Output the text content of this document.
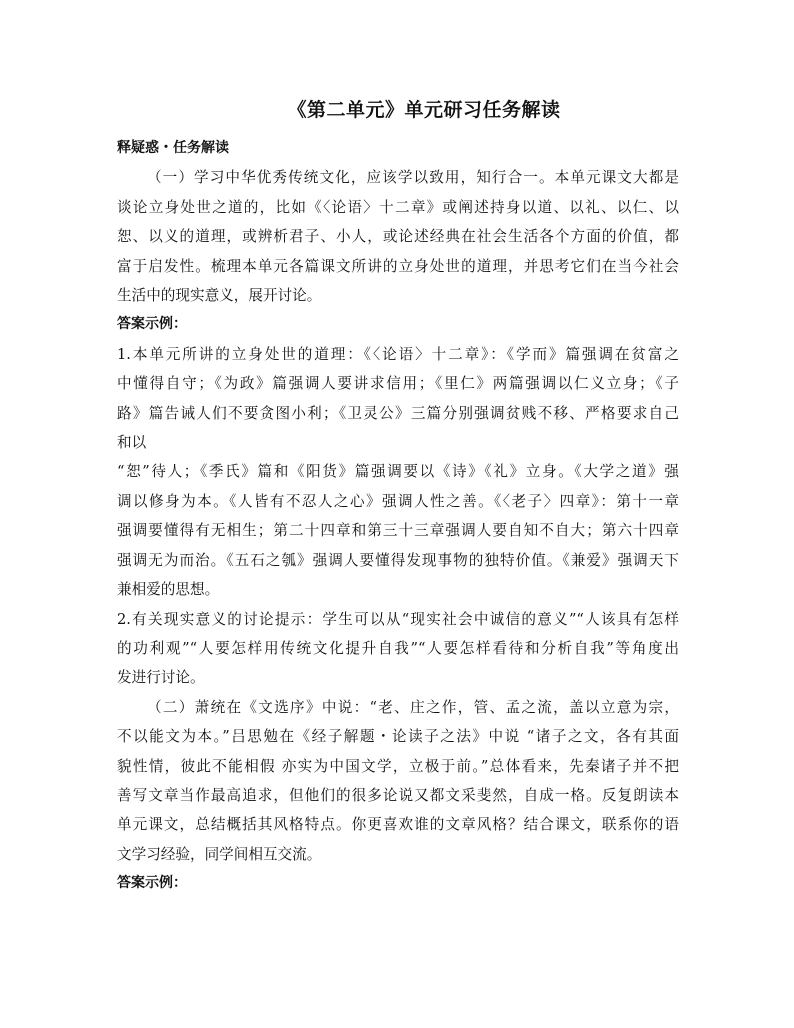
《第二单元》单元研习任务解读
释疑惑・任务解读
（一）学习中华优秀传统文化，应该学以致用，知行合一。本单元课文大都是
谈论立身处世之道的，比如《〈论语〉十二章》或阐述持身以道、以礼、以仁、以
恕、以义的道理，或辨析君子、小人，或论述经典在社会生活各个方面的价值，都
富于启发性。梳理本单元各篇课文所讲的立身处世的道理，并思考它们在当今社会
生活中的现实意义，展开讨论。
答案示例：
1.本单元所讲的立身处世的道理：《〈论语〉十二章》：《学而》篇强调在贫富之
中懂得自守；《为政》篇强调人要讲求信用；《里仁》两篇强调以仁义立身；《子
路》篇告诫人们不要贪图小利；《卫灵公》三篇分别强调贫贱不移、严格要求自己
和以
“恕”待人；《季氏》篇和《阳货》篇强调要以《诗》《礼》立身。《大学之道》强
调以修身为本。《人皆有不忍人之心》强调人性之善。《〈老子〉四章》：第十一章
强调要懂得有无相生；第二十四章和第三十三章强调人要自知不自大；第六十四章
强调无为而治。《五石之瓠》强调人要懂得发现事物的独特价值。《兼爱》强调天下
兼相爱的思想。
2.有关现实意义的讨论提示：学生可以从“现实社会中诚信的意义”“人该具有怎样
的功利观”“人要怎样用传统文化提升自我”“人要怎样看待和分析自我”等角度出
发进行讨论。
（二）萧统在《文选序》中说：“老、庄之作，管、孟之流，盖以立意为宗，
不以能文为本。”吕思勉在《经子解题・论读子之法》中说 “诸子之文，各有其面
貌性情，彼此不能相假 亦实为中国文学，立极于前。”总体看来，先秦诸子并不把
善写文章当作最高追求，但他们的很多论说又都文采斐然，自成一格。反复朗读本
单元课文，总结概括其风格特点。你更喜欢谁的文章风格？结合课文，联系你的语
文学习经验，同学间相互交流。
答案示例：
